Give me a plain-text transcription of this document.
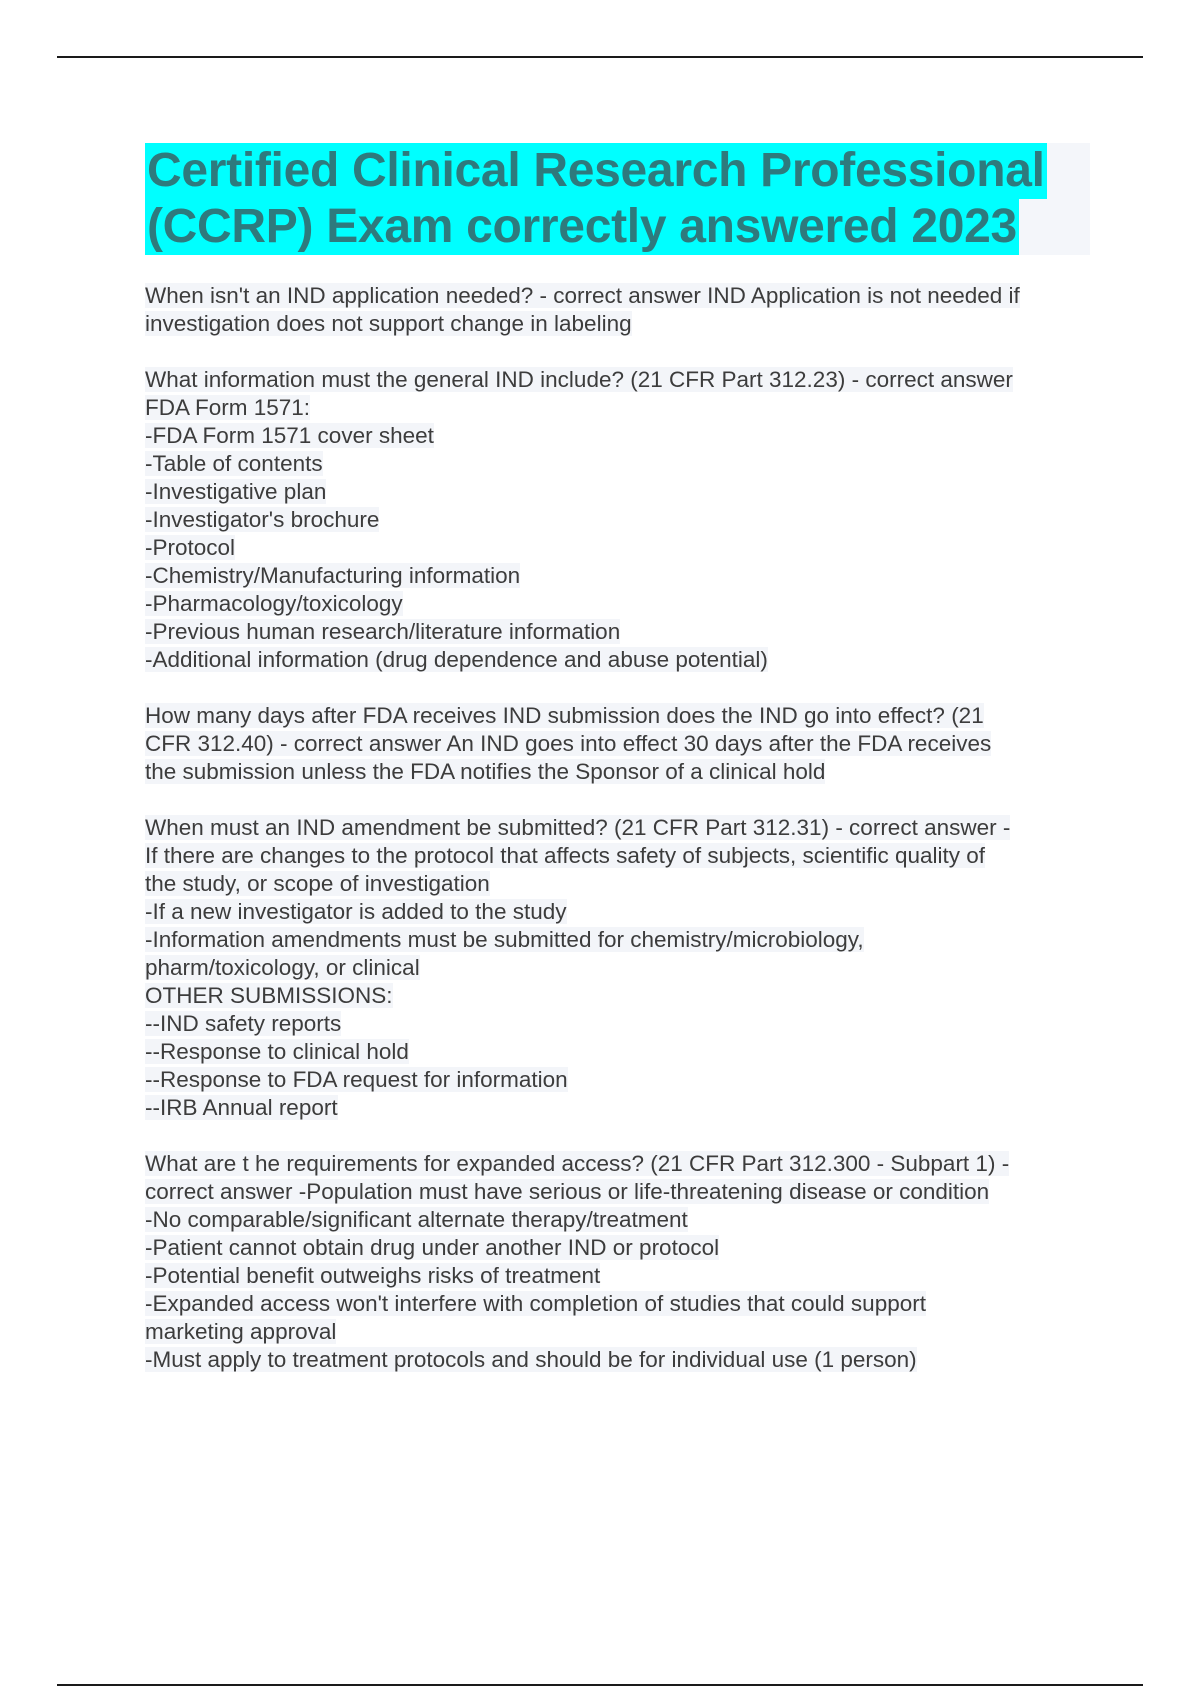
Certified Clinical Research Professional
(CCRP) Exam correctly answered 2023
When isn't an IND application needed? - correct answer IND Application is not needed if
investigation does not support change in labeling
What information must the general IND include? (21 CFR Part 312.23) - correct answer
FDA Form 1571:
-FDA Form 1571 cover sheet
-Table of contents
-Investigative plan
-Investigator's brochure
-Protocol
-Chemistry/Manufacturing information
-Pharmacology/toxicology
-Previous human research/literature information
-Additional information (drug dependence and abuse potential)
How many days after FDA receives IND submission does the IND go into effect? (21
CFR 312.40) - correct answer An IND goes into effect 30 days after the FDA receives
the submission unless the FDA notifies the Sponsor of a clinical hold
When must an IND amendment be submitted? (21 CFR Part 312.31) - correct answer -
If there are changes to the protocol that affects safety of subjects, scientific quality of
the study, or scope of investigation
-If a new investigator is added to the study
-Information amendments must be submitted for chemistry/microbiology,
pharm/toxicology, or clinical
OTHER SUBMISSIONS:
--IND safety reports
--Response to clinical hold
--Response to FDA request for information
--IRB Annual report
What are t he requirements for expanded access? (21 CFR Part 312.300 - Subpart 1) -
correct answer -Population must have serious or life-threatening disease or condition
-No comparable/significant alternate therapy/treatment
-Patient cannot obtain drug under another IND or protocol
-Potential benefit outweighs risks of treatment
-Expanded access won't interfere with completion of studies that could support
marketing approval
-Must apply to treatment protocols and should be for individual use (1 person)
